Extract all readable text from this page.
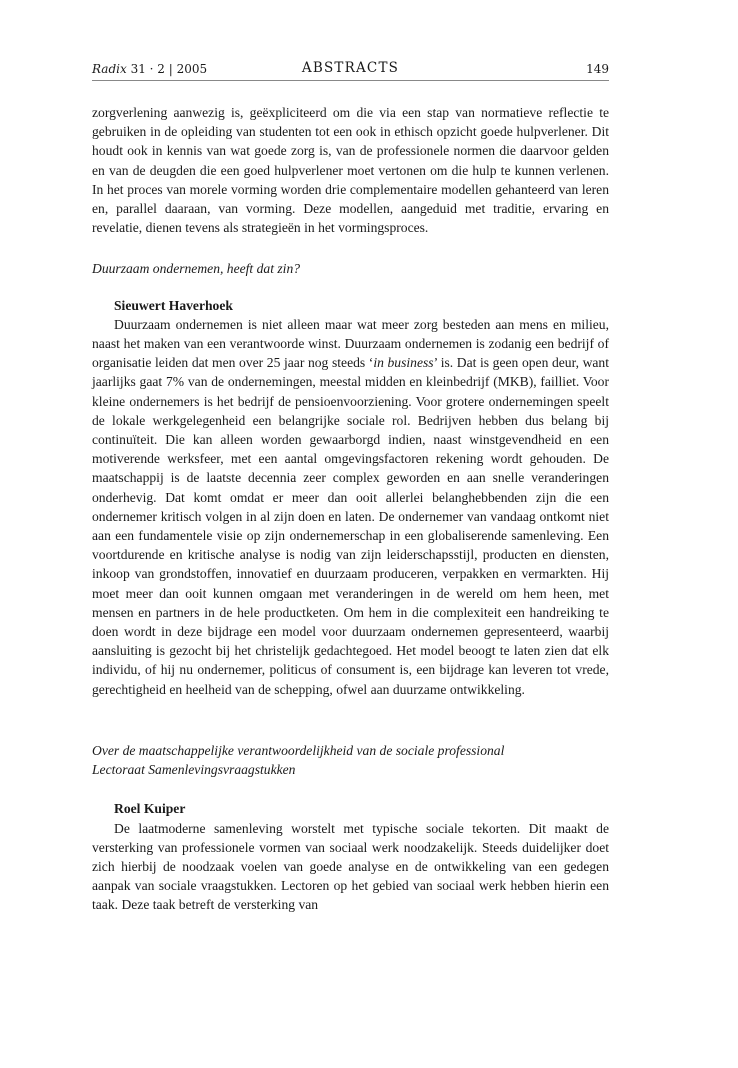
Radix 31 · 2 | 2005	ABSTRACTS	149

zorgverlening aanwezig is, geëxpliciteerd om die via een stap van normatieve reflectie te gebruiken in de opleiding van studenten tot een ook in ethisch opzicht goede hulpverlener. Dit houdt ook in kennis van wat goede zorg is, van de professionele normen die daarvoor gelden en van de deugden die een goed hulpverlener moet vertonen om die hulp te kunnen verlenen. In het proces van morele vorming worden drie complementaire modellen gehanteerd van leren en, parallel daaraan, van vorming. Deze modellen, aangeduid met traditie, ervaring en revelatie, dienen tevens als strategieën in het vormingsproces.

Duurzaam ondernemen, heeft dat zin?

Sieuwert Haverhoek

Duurzaam ondernemen is niet alleen maar wat meer zorg besteden aan mens en milieu, naast het maken van een verantwoorde winst. Duurzaam ondernemen is zodanig een bedrijf of organisatie leiden dat men over 25 jaar nog steeds ‘in business’ is. Dat is geen open deur, want jaarlijks gaat 7% van de ondernemingen, meestal midden en kleinbedrijf (MKB), failliet. Voor kleine ondernemers is het bedrijf de pensioenvoorziening. Voor grotere ondernemingen speelt de lokale werkgelegenheid een belangrijke sociale rol. Bedrijven hebben dus belang bij continuïteit. Die kan alleen worden gewaarborgd indien, naast winstgevendheid en een motiverende werksfeer, met een aantal omgevingsfactoren rekening wordt gehouden. De maatschappij is de laatste decennia zeer complex geworden en aan snelle veranderingen onderhevig. Dat komt omdat er meer dan ooit allerlei belanghebbenden zijn die een ondernemer kritisch volgen in al zijn doen en laten. De ondernemer van vandaag ontkomt niet aan een fundamentele visie op zijn ondernemerschap in een globaliserende samenleving. Een voortdurende en kritische analyse is nodig van zijn leiderschapsstijl, producten en diensten, inkoop van grondstoffen, innovatief en duurzaam produceren, verpakken en vermarkten. Hij moet meer dan ooit kunnen omgaan met veranderingen in de wereld om hem heen, met mensen en partners in de hele productketen. Om hem in die complexiteit een handreiking te doen wordt in deze bijdrage een model voor duurzaam ondernemen gepresenteerd, waarbij aansluiting is gezocht bij het christelijk gedachtegoed. Het model beoogt te laten zien dat elk individu, of hij nu ondernemer, politicus of consument is, een bijdrage kan leveren tot vrede, gerechtigheid en heelheid van de schepping, ofwel aan duurzame ontwikkeling.

Over de maatschappelijke verantwoordelijkheid van de sociale professional

Lectoraat Samenlevingsvraagstukken

Roel Kuiper

De laatmoderne samenleving worstelt met typische sociale tekorten. Dit maakt de versterking van professionele vormen van sociaal werk noodzakelijk. Steeds duidelijker doet zich hierbij de noodzaak voelen van goede analyse en de ontwikkeling van een gedegen aanpak van sociale vraagstukken. Lectoren op het gebied van sociaal werk hebben hierin een taak. Deze taak betreft de versterking van
